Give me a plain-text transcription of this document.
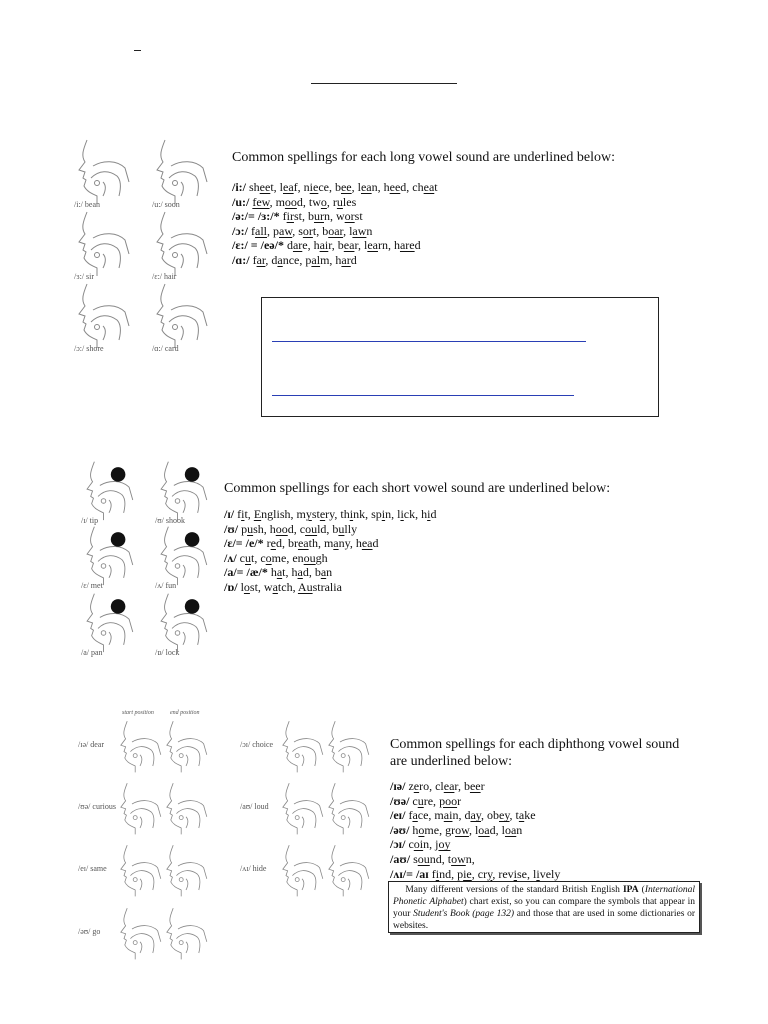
/i:/ bean	/u:/ soon
/ɜ:/ sir	/ɛ:/ hair
/ɔ:/ shore	/ɑ:/ card
Common spellings for each long vowel sound are underlined below:
/i:/ sheet, leaf, niece, bee, lean, heed, cheat
/u:/ few, mood, two, rules
/ə:/= /ɜ:/* first, burn, worst
/ɔ:/ fall, paw, sort, boar, lawn
/ɛ:/ = /eə/* dare, hair, bear, learn, hared
/ɑ:/ far, dance, palm, hard
/ɪ/ tip	/ʊ/ shook
/ɛ/ met	/ʌ/ fun
/a/ pan	/ɒ/ lock
Common spellings for each short vowel sound are underlined below:
/ɪ/ fit, English, mystery, think, spin, lick, hid
/ʊ/ push, hood, could, bully
/ɛ/= /e/* red, breath, many, head
/ʌ/ cut, come, enough
/a/= /æ/* hat, had, ban
/ɒ/ lost, watch, Australia
/ɪə/ dear	/ɔɪ/ choice
/ʊə/ curious	/aʊ/ loud
/eɪ/ same	/ʌɪ/ hide
/əʊ/ go
start position	end position
Common spellings for each diphthong vowel sound
are underlined below:
/ɪə/ zero, clear, beer
/ʊə/ cure, poor
/eɪ/ face, main, day, obey, take
/əʊ/ home, grow, load, loan
/ɔɪ/ coin, joy
/aʊ/ sound, town,
/ʌɪ/= /aɪ find, pie, cry, revise, lively
Many different versions of the standard British English IPA (International Phonetic Alphabet) chart exist, so you can compare the symbols that appear in your Student's Book (page 132) and those that are used in some dictionaries or websites.
